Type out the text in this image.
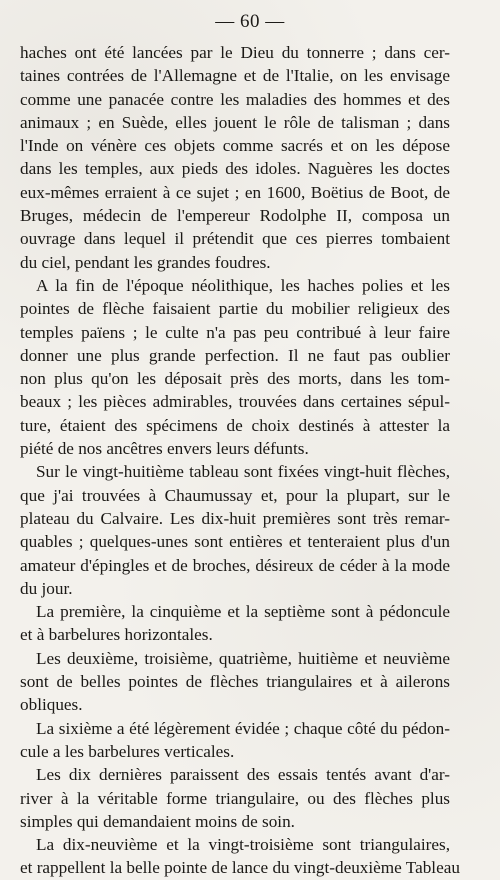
— 60 —
haches ont été lancées par le Dieu du tonnerre ; dans cer-
taines contrées de l'Allemagne et de l'Italie, on les envisage
comme une panacée contre les maladies des hommes et des
animaux ; en Suède, elles jouent le rôle de talisman ; dans
l'Inde on vénère ces objets comme sacrés et on les dépose
dans les temples, aux pieds des idoles. Naguères les doctes
eux-mêmes erraient à ce sujet ; en 1600, Boëtius de Boot, de
Bruges, médecin de l'empereur Rodolphe II, composa un
ouvrage dans lequel il prétendit que ces pierres tombaient
du ciel, pendant les grandes foudres.
A la fin de l'époque néolithique, les haches polies et les
pointes de flèche faisaient partie du mobilier religieux des
temples païens ; le culte n'a pas peu contribué à leur faire
donner une plus grande perfection. Il ne faut pas oublier
non plus qu'on les déposait près des morts, dans les tom-
beaux ; les pièces admirables, trouvées dans certaines sépul-
ture, étaient des spécimens de choix destinés à attester la
piété de nos ancêtres envers leurs défunts.
Sur le vingt-huitième tableau sont fixées vingt-huit flèches,
que j'ai trouvées à Chaumussay et, pour la plupart, sur le
plateau du Calvaire. Les dix-huit premières sont très remar-
quables ; quelques-unes sont entières et tenteraient plus d'un
amateur d'épingles et de broches, désireux de céder à la mode
du jour.
La première, la cinquième et la septième sont à pédoncule
et à barbelures horizontales.
Les deuxième, troisième, quatrième, huitième et neuvième
sont de belles pointes de flèches triangulaires et à ailerons
obliques.
La sixième a été légèrement évidée ; chaque côté du pédon-
cule a les barbelures verticales.
Les dix dernières paraissent des essais tentés avant d'ar-
river à la véritable forme triangulaire, ou des flèches plus
simples qui demandaient moins de soin.
La dix-neuvième et la vingt-troisième sont triangulaires,
et rappellent la belle pointe de lance du vingt-deuxième Tableau
